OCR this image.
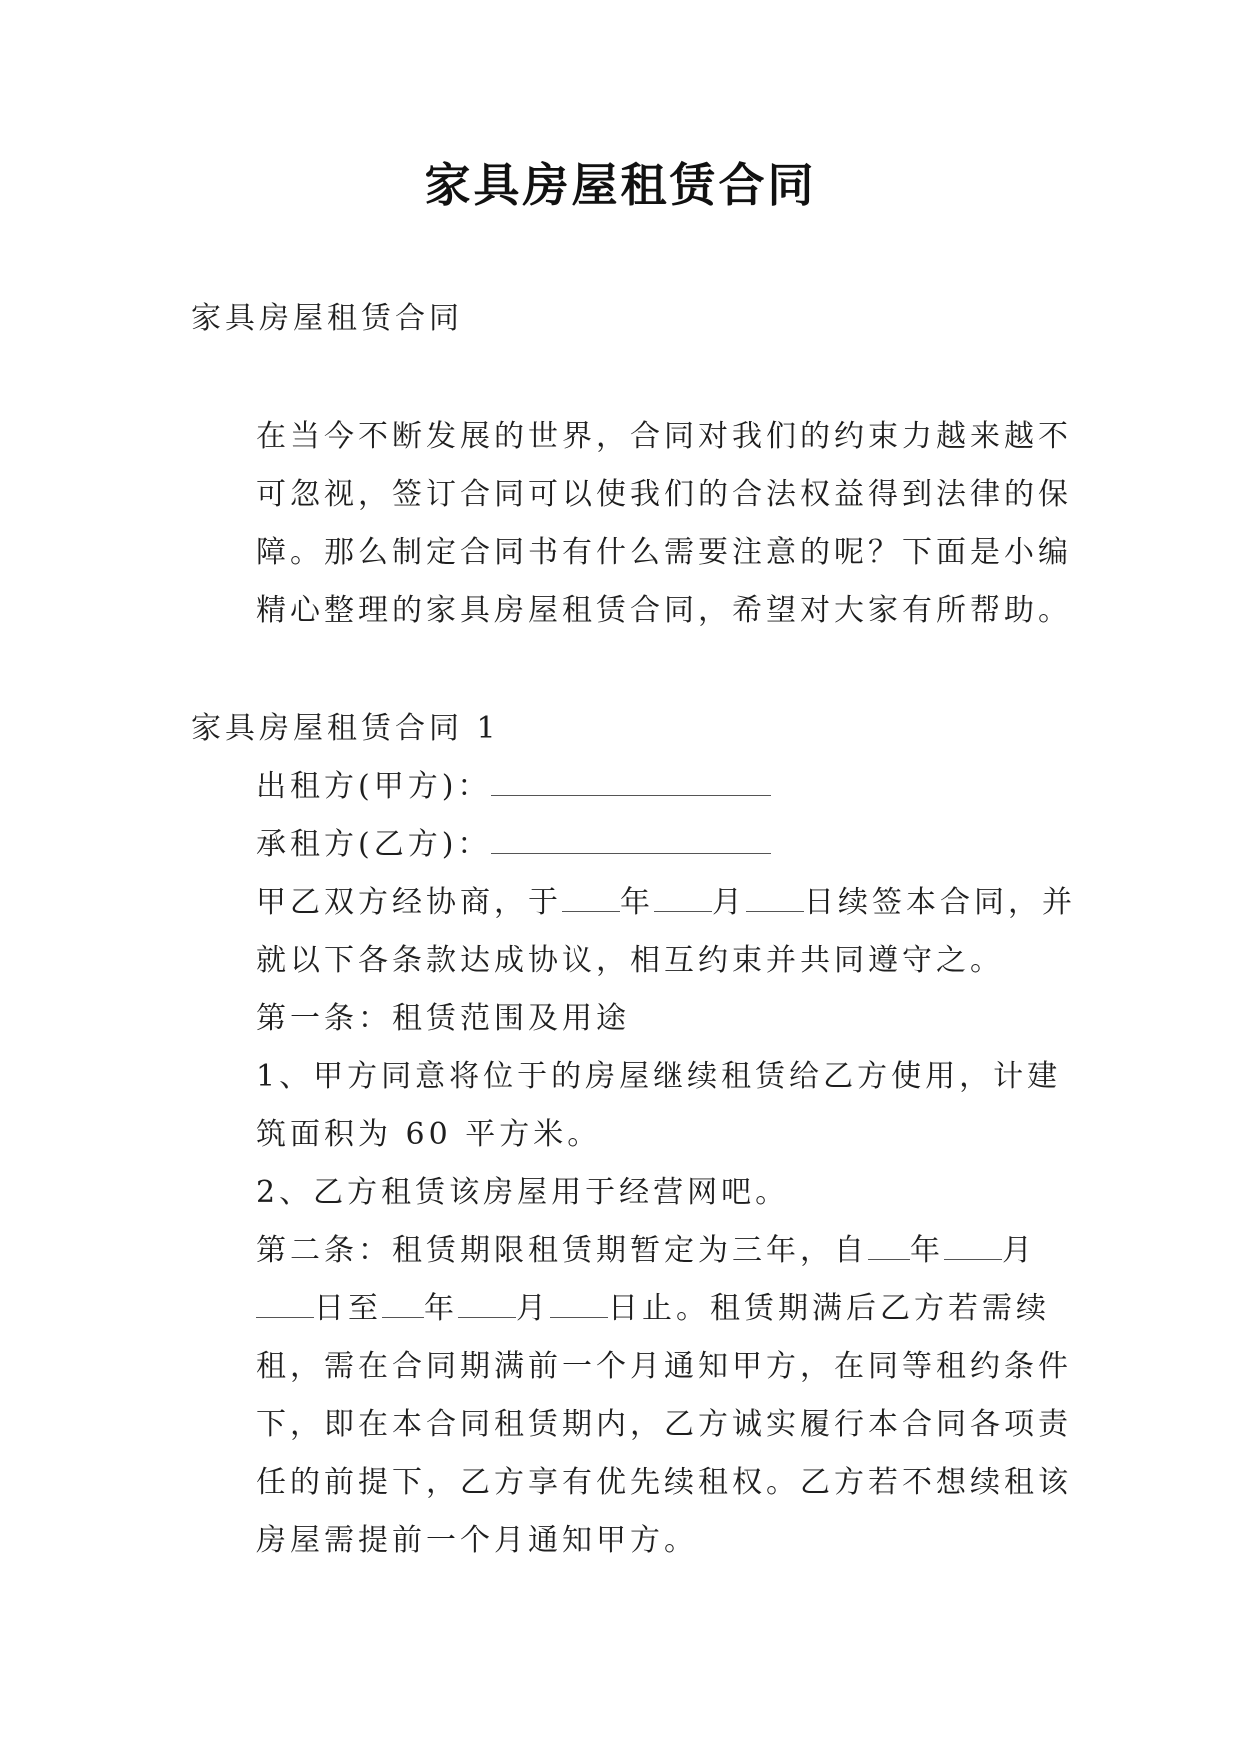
家具房屋租赁合同

家具房屋租赁合同

在当今不断发展的世界，合同对我们的约束力越来越不可忽视，签订合同可以使我们的合法权益得到法律的保障。那么制定合同书有什么需要注意的呢？下面是小编精心整理的家具房屋租赁合同，希望对大家有所帮助。

家具房屋租赁合同 1

出租方(甲方)：

承租方(乙方)：

甲乙双方经协商，于 年 月 日续签本合同，并就以下各条款达成协议，相互约束并共同遵守之。

第一条：租赁范围及用途

1、甲方同意将位于的房屋继续租赁给乙方使用，计建筑面积为 60 平方米。

2、乙方租赁该房屋用于经营网吧。

第二条：租赁期限租赁期暂定为三年，自 年 月日至 年 月 日止。租赁期满后乙方若需续租，需在合同期满前一个月通知甲方，在同等租约条件下，即在本合同租赁期内，乙方诚实履行本合同各项责任的前提下，乙方享有优先续租权。乙方若不想续租该房屋需提前一个月通知甲方。
